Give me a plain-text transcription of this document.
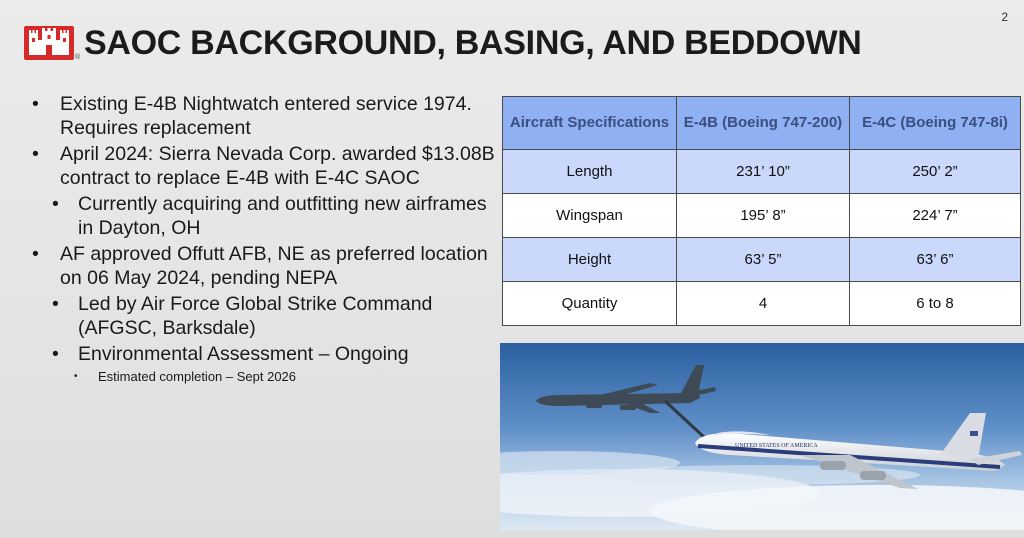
2
® SAOC BACKGROUND, BASING, AND BEDDOWN
• Existing E-4B Nightwatch entered service 1974. Requires replacement
• April 2024: Sierra Nevada Corp. awarded $13.08B contract to replace E-4B with E-4C SAOC
• Currently acquiring and outfitting new airframes in Dayton, OH
• AF approved Offutt AFB, NE as preferred location on 06 May 2024, pending NEPA
• Led by Air Force Global Strike Command (AFGSC, Barksdale)
• Environmental Assessment – Ongoing
• Estimated completion – Sept 2026
Aircraft Specifications	E-4B (Boeing 747-200)	E-4C (Boeing 747-8i)
Length	231’ 10”	250’ 2”
Wingspan	195’ 8”	224’ 7”
Height	63’ 5”	63’ 6”
Quantity	4	6 to 8
UNITED STATES OF AMERICA
